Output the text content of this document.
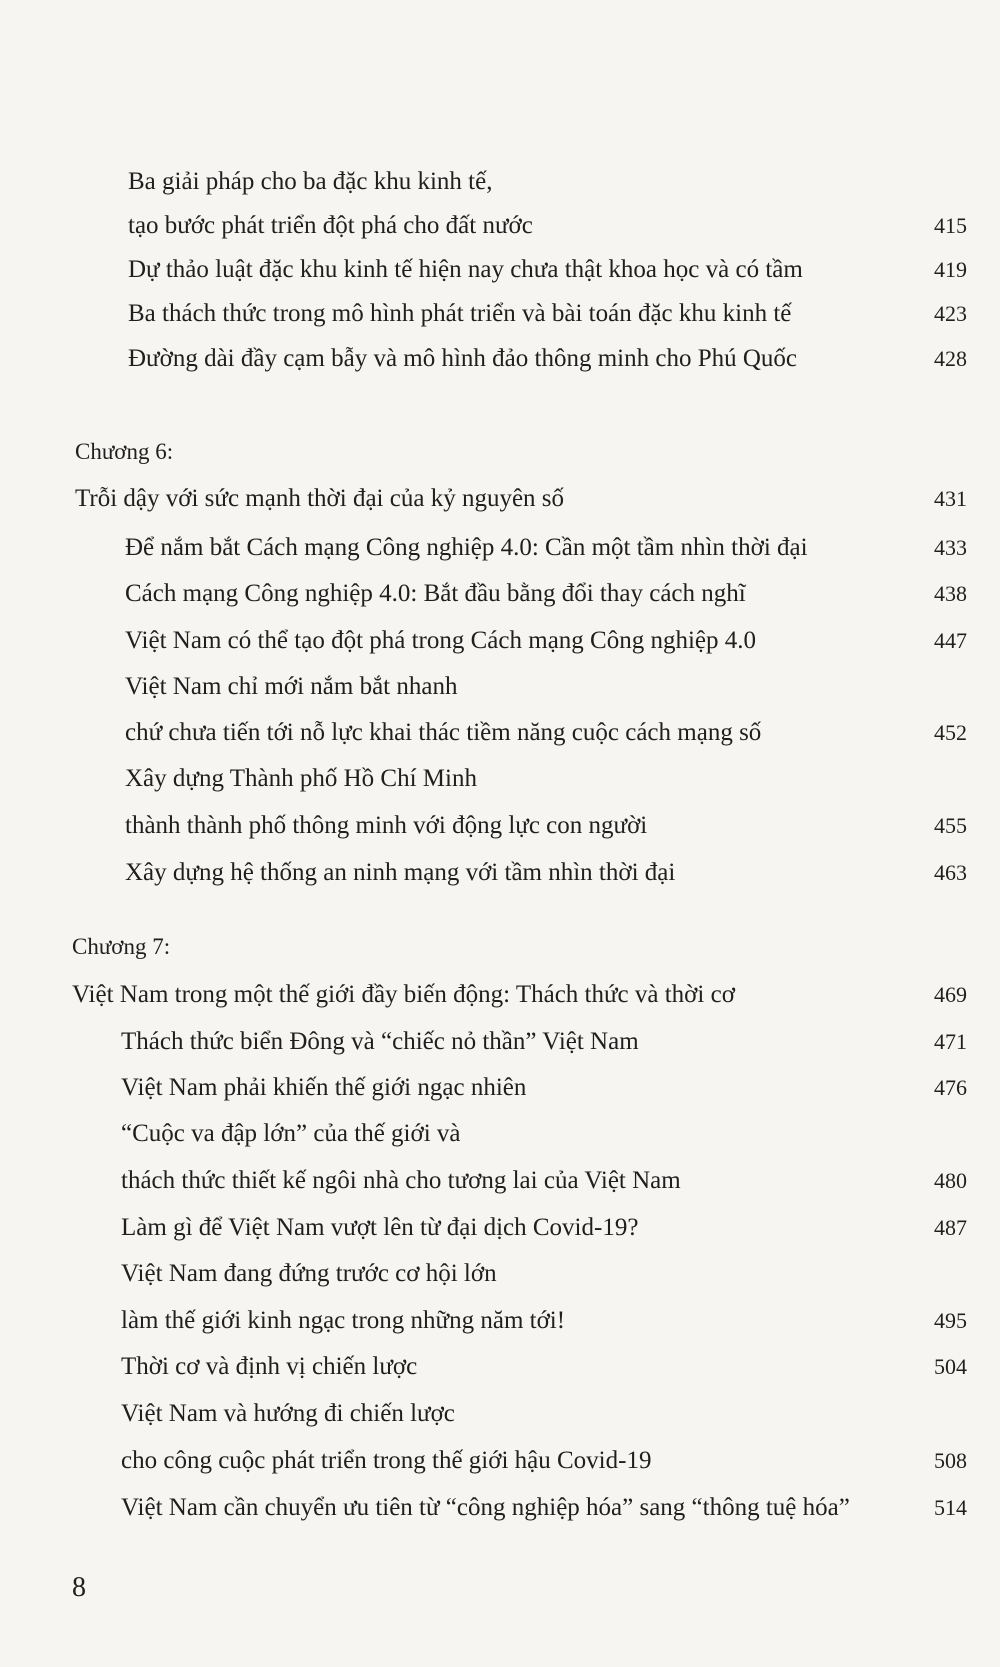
Ba giải pháp cho ba đặc khu kinh tế,
tạo bước phát triển đột phá cho đất nước	415
Dự thảo luật đặc khu kinh tế hiện nay chưa thật khoa học và có tầm	419
Ba thách thức trong mô hình phát triển và bài toán đặc khu kinh tế	423
Đường dài đầy cạm bẫy và mô hình đảo thông minh cho Phú Quốc	428
Chương 6:
Trỗi dậy với sức mạnh thời đại của kỷ nguyên số	431
Để nắm bắt Cách mạng Công nghiệp 4.0: Cần một tầm nhìn thời đại	433
Cách mạng Công nghiệp 4.0: Bắt đầu bằng đổi thay cách nghĩ	438
Việt Nam có thể tạo đột phá trong Cách mạng Công nghiệp 4.0	447
Việt Nam chỉ mới nắm bắt nhanh
chứ chưa tiến tới nỗ lực khai thác tiềm năng cuộc cách mạng số	452
Xây dựng Thành phố Hồ Chí Minh
thành thành phố thông minh với động lực con người	455
Xây dựng hệ thống an ninh mạng với tầm nhìn thời đại	463
Chương 7:
Việt Nam trong một thế giới đầy biến động: Thách thức và thời cơ	469
Thách thức biển Đông và “chiếc nỏ thần” Việt Nam	471
Việt Nam phải khiến thế giới ngạc nhiên	476
“Cuộc va đập lớn” của thế giới và
thách thức thiết kế ngôi nhà cho tương lai của Việt Nam	480
Làm gì để Việt Nam vượt lên từ đại dịch Covid-19?	487
Việt Nam đang đứng trước cơ hội lớn
làm thế giới kinh ngạc trong những năm tới!	495
Thời cơ và định vị chiến lược	504
Việt Nam và hướng đi chiến lược
cho công cuộc phát triển trong thế giới hậu Covid-19	508
Việt Nam cần chuyển ưu tiên từ “công nghiệp hóa” sang “thông tuệ hóa”	514
8
